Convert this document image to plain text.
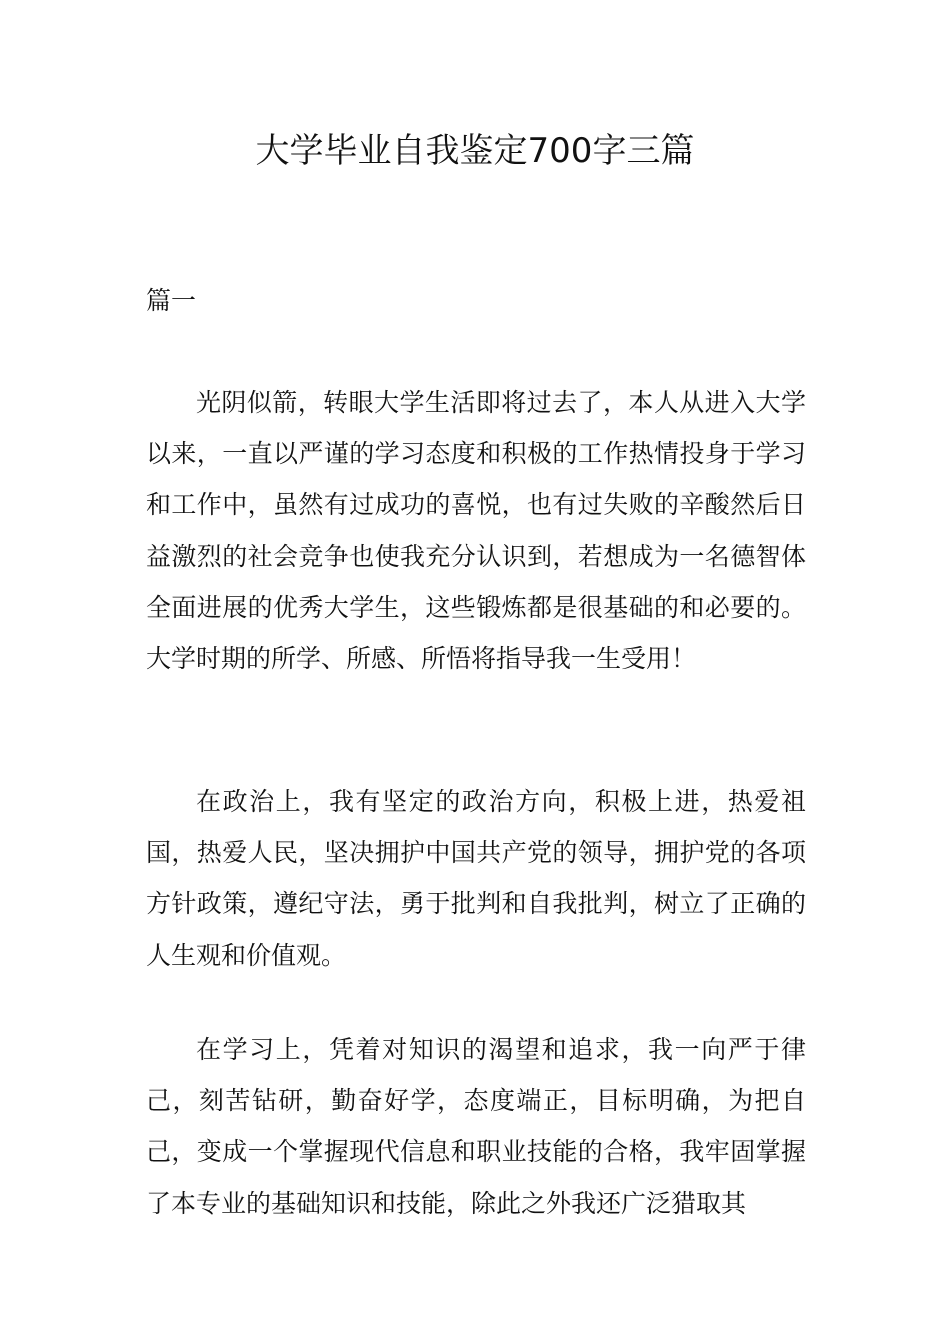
大学毕业自我鉴定700字三篇
篇一

光阴似箭，转眼大学生活即将过去了，本人从进入大学以来，一直以严谨的学习态度和积极的工作热情投身于学习和工作中，虽然有过成功的喜悦，也有过失败的辛酸然后日益激烈的社会竞争也使我充分认识到，若想成为一名德智体全面进展的优秀大学生，这些锻炼都是很基础的和必要的。大学时期的所学、所感、所悟将指导我一生受用！

在政治上，我有坚定的政治方向，积极上进，热爱祖国，热爱人民，坚决拥护中国共产党的领导，拥护党的各项方针政策，遵纪守法，勇于批判和自我批判，树立了正确的人生观和价值观。

在学习上，凭着对知识的渴望和追求，我一向严于律己，刻苦钻研，勤奋好学，态度端正，目标明确，为把自己，变成一个掌握现代信息和职业技能的合格，我牢固掌握了本专业的基础知识和技能，除此之外我还广泛猎取其
